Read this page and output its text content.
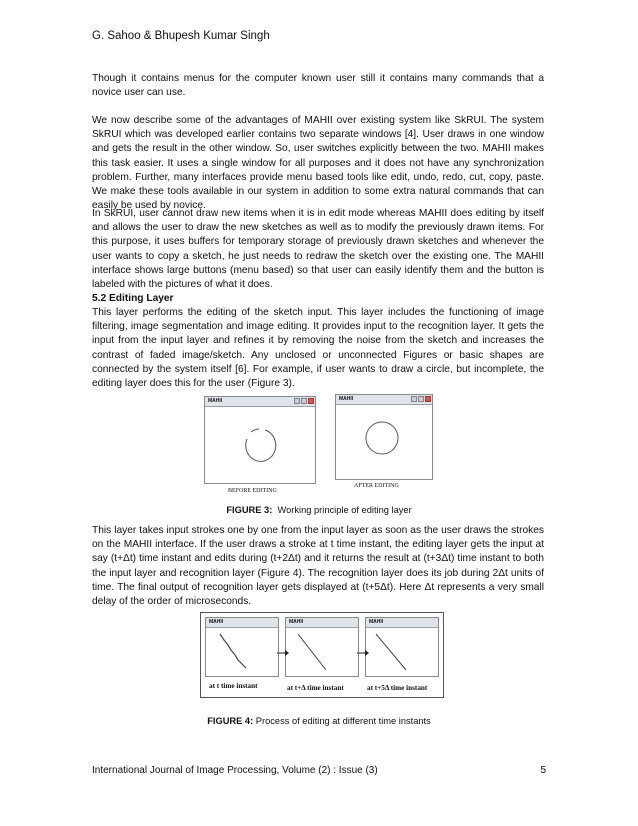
G. Sahoo & Bhupesh Kumar Singh

Though it contains menus for the computer known user still it contains many commands that a novice user can use.

We now describe some of the advantages of MAHII over existing system like SkRUI. The system SkRUI which was developed earlier contains two separate windows [4]. User draws in one window and gets the result in the other window. So, user switches explicitly between the two. MAHII makes this task easier. It uses a single window for all purposes and it does not have any synchronization problem. Further, many interfaces provide menu based tools like edit, undo, redo, cut, copy, paste. We make these tools available in our system in addition to some extra natural commands that can easily be used by novice.

In SkRUI, user cannot draw new items when it is in edit mode whereas MAHII does editing by itself and allows the user to draw the new sketches as well as to modify the previously drawn items. For this purpose, it uses buffers for temporary storage of previously drawn sketches and whenever the user wants to copy a sketch, he just needs to redraw the sketch over the existing one. The MAHII interface shows large buttons (menu based) so that user can easily identify them and the button is labeled with the pictures of what it does.

5.2 Editing Layer

This layer performs the editing of the sketch input. This layer includes the functioning of image filtering, image segmentation and image editing. It provides input to the recognition layer. It gets the input from the input layer and refines it by removing the noise from the sketch and increases the contrast of faded image/sketch. Any unclosed or unconnected Figures or basic shapes are connected by the system itself [6]. For example, if user wants to draw a circle, but incomplete, the editing layer does this for the user (Figure 3).

MAHII
BEFORE EDITING
MAHII
AFTER EDITING
FIGURE 3: Working principle of editing layer

This layer takes input strokes one by one from the input layer as soon as the user draws the strokes on the MAHII interface. If the user draws a stroke at t time instant, the editing layer gets the input at say (t+Δt) time instant and edits during (t+2Δt) and it returns the result at (t+3Δt) time instant to both the input layer and recognition layer (Figure 4). The recognition layer does its job during 2Δt units of time. The final output of recognition layer gets displayed at (t+5Δt). Here Δt represents a very small delay of the order of microseconds.

MAHII	MAHII	MAHII
at t time instant	at t+Δ time instant	at t+5Δ time instant
FIGURE 4: Process of editing at different time instants
International Journal of Image Processing, Volume (2) : Issue (3)	5
